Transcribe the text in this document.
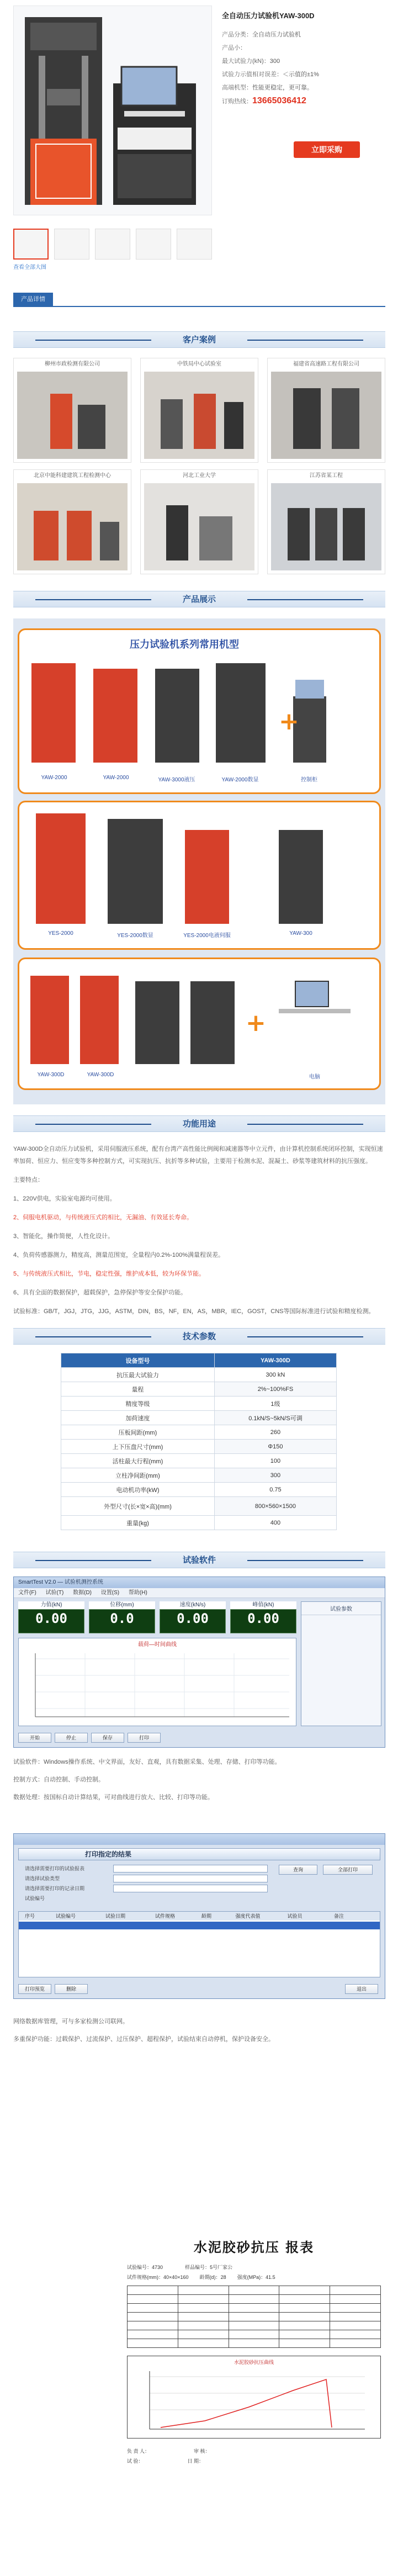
全自动压力试验机YAW-300D
产品分类：全自动压力试验机
产品小：
最大试验力(kN)：300
试验力示值相对误差：＜示值的±1%
高端机型：性能更稳定，更可靠。
订购热线：13665036412
立即采购
查看全部大图
产品详情
客户案例
柳州市政检测有限公司	中铁局中心试验室	福建省高速路工程有限公司
北京中能科建建筑工程检测中心	河北工业大学	江苏省某工程
产品展示
压力试验机系列常用机型
+
YAW-2000	YAW-2000	YAW-3000液压	YAW-2000数显	控制柜
YES-2000	YES-2000数显	YES-2000电液伺服	YAW-300
+
YAW-300D	YAW-300D	电脑
功能用途

YAW-300D全自动压力试验机，采用伺服液压系统，配有台湾产高性能比例阀和减速器等中立元件，由计算机控制系统闭环控制，实现恒速率加荷、恒应力、恒应变等多种控制方式，可实现抗压、抗折等多种试验，主要用于检测水泥、混凝土、砂浆等建筑材料的抗压强度。

主要特点：

1、220V供电，实验室电源均可使用。

2、伺服电机驱动，与传统液压式的相比，无漏油、有效延长寿命。

3、智能化，操作简便，人性化设计。

4、负荷传感器测力，精度高，测量范围宽，全量程内0.2%-100%满量程误差。

5、与传统液压式相比，节电，稳定性强，维护成本低，较为环保节能。

6、具有全面的数据保护，超载保护，急停保护等安全保护功能。

试验标准：GB/T，JGJ，JTG，JJG，ASTM，DIN，BS，NF，EN，AS，MBR，IEC，GOST，CNS等国际标准进行试验和精度检测。

技术参数
设备型号	YAW-300D
抗压最大试验力	300 kN
量程	2%~100%FS
精度等级	1级
加荷速度	0.1kN/S~5kN/S可调
压板间距(mm)	260
上下压盘尺寸(mm)	Φ150
活柱最大行程(mm)	100
立柱净间距(mm)	300
电动机功率(kW)	0.75
外型尺寸(长×宽×高)(mm)	800×560×1500
重量(kg)	400
试验软件
SmartTest V2.0 — 试验机测控系统
文件(F) 试验(T) 数据(D) 设置(S) 帮助(H)
力值(kN)
0.00
位移(mm)
0.0
速度(kN/s)
0.00
峰值(kN)
0.00
载荷—时间曲线
试验参数
开始	停止	保存	打印

试验软件：Windows操作系统、中文界面，友好、直观，具有数据采集、处理、存储、打印等功能。

控制方式：自动控制、手动控制。

数据处理：按国标自动计算结果，可对曲线进行放大、比较、打印等功能。

打印指定的结果
请选择需要打印的试验报表
请选择试验类型
请选择需要打印的记录日期
试验编号
查询	全部打印
序号	试验编号	试验日期	试件规格	龄期	强度代表值	试验员	备注
打印预览	删除	退出

网络数据库管理，可与多家检测公司联网。

多重保护功能：过载保护、过流保护、过压保护、超程保护，试验结束自动停机，保护设备安全。

水泥胶砂抗压 报表
试验编号：4730	样品编号：5号厂家公
试件规格(mm)：40×40×160 龄期(d)：28 强度(MPa)：41.5

水泥胶砂抗压曲线
负 责 人：	审 核：
试 验：	日 期：
